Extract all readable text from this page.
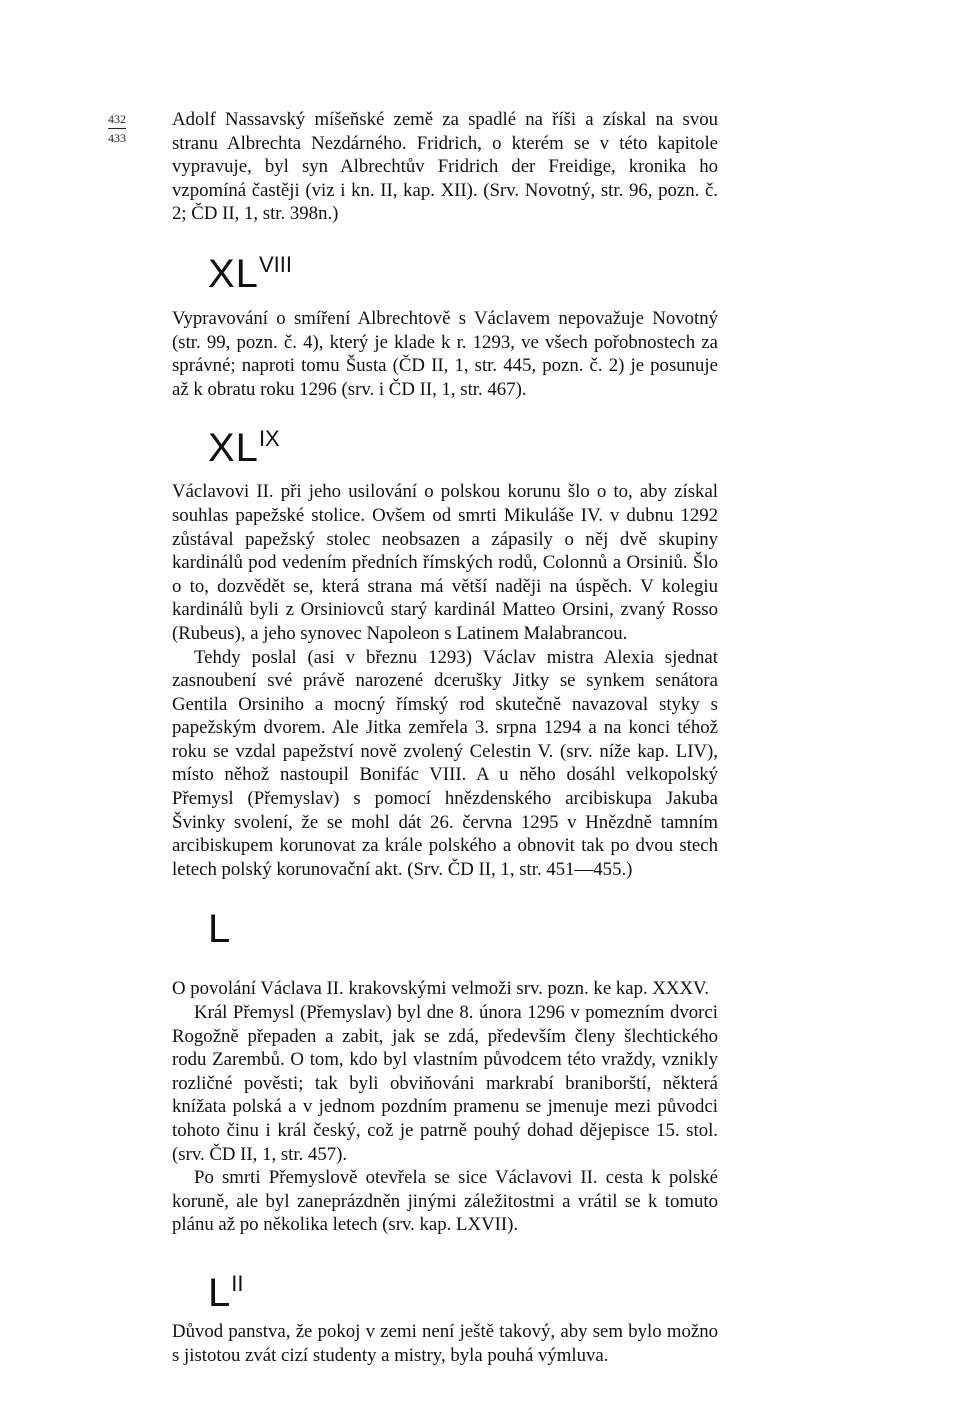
432
433

Adolf Nassavský míšeňské země za spadlé na říši a získal na svou stranu Albrechta Nezdárného. Fridrich, o kterém se v této kapitole vypravuje, byl syn Albrechtův Fridrich der Freidige, kronika ho vzpomíná častěji (viz i kn. II, kap. XII). (Srv. Novotný, str. 96, pozn. č. 2; ČD II, 1, str. 398n.)

$XL^{VIII}$

Vypravování o smíření Albrechtově s Václavem nepovažuje Novotný (str. 99, pozn. č. 4), který je klade k r. 1293, ve všech pořobnostech za správné; naproti tomu Šusta (ČD II, 1, str. 445, pozn. č. 2) je posunuje až k obratu roku 1296 (srv. i ČD II, 1, str. 467).

$XL^{IX}$

Václavovi II. při jeho usilování o polskou korunu šlo o to, aby získal souhlas papežské stolice. Ovšem od smrti Mikuláše IV. v dubnu 1292 zůstával papežský stolec neobsazen a zápasily o něj dvě skupiny kardinálů pod vedením předních římských rodů, Colonnů a Orsiniů. Šlo o to, dozvědět se, která strana má větší naději na úspěch. V kolegiu kardinálů byli z Orsiniovců starý kardinál Matteo Orsini, zvaný Rosso (Rubeus), a jeho synovec Napoleon s Latinem Malabrancou.

Tehdy poslal (asi v březnu 1293) Václav mistra Alexia sjednat zasnoubení své právě narozené dcerušky Jitky se synkem senátora Gentila Orsiniho a mocný římský rod skutečně navazoval styky s papežským dvorem. Ale Jitka zemřela 3. srpna 1294 a na konci téhož roku se vzdal papežství nově zvolený Celestin V. (srv. níže kap. LIV), místo něhož nastoupil Bonifác VIII. A u něho dosáhl velkopolský Přemysl (Přemyslav) s pomocí hnězdenského arcibiskupa Jakuba Švinky svolení, že se mohl dát 26. června 1295 v Hnězdně tamním arcibiskupem korunovat za krále polského a obnovit tak po dvou stech letech polský korunovační akt. (Srv. ČD II, 1, str. 451—455.)

L

O povolání Václava II. krakovskými velmoži srv. pozn. ke kap. XXXV.

Král Přemysl (Přemyslav) byl dne 8. února 1296 v pomezním dvorci Rogožně přepaden a zabit, jak se zdá, především členy šlechtického rodu Zarembů. O tom, kdo byl vlastním původcem této vraždy, vznikly rozličné pověsti; tak byli obviňováni markrabí braniborští, některá knížata polská a v jednom pozdním pramenu se jmenuje mezi původci tohoto činu i král český, což je patrně pouhý dohad dějepisce 15. stol. (srv. ČD II, 1, str. 457).

Po smrti Přemyslově otevřela se sice Václavovi II. cesta k polské koruně, ale byl zaneprázdněn jinými záležitostmi a vrátil se k tomuto plánu až po několika letech (srv. kap. LXVII).

$L^{II}$

Důvod panstva, že pokoj v zemi není ještě takový, aby sem bylo možno s jistotou zvát cizí studenty a mistry, byla pouhá výmluva.
